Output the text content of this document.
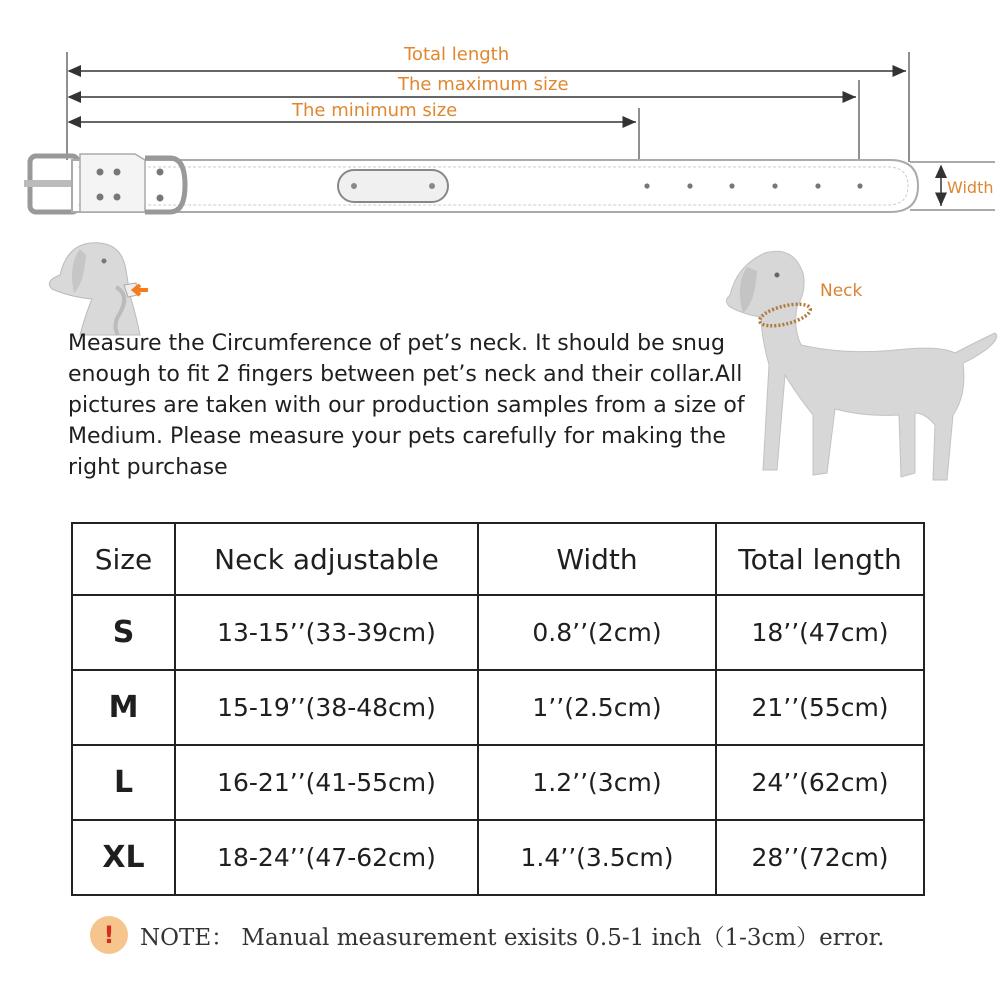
Total length
The maximum size
The minimum size
Width
Measure the Circumference of pet’s neck. It should be snug enough to fit 2 fingers between pet’s neck and their collar.All pictures are taken with our production samples from a size of Medium. Please measure your pets carefully for making the right purchase
Neck
Size	Neck adjustable	Width	Total length
S	13-15’’(33-39cm)	0.8’’(2cm)	18’’(47cm)
M	15-19’’(38-48cm)	1’’(2.5cm)	21’’(55cm)
L	16-21’’(41-55cm)	1.2’’(3cm)	24’’(62cm)
XL	18-24’’(47-62cm)	1.4’’(3.5cm)	28’’(72cm)
!	NOTE： Manual measurement exisits 0.5-1 inch（1-3cm）error.
